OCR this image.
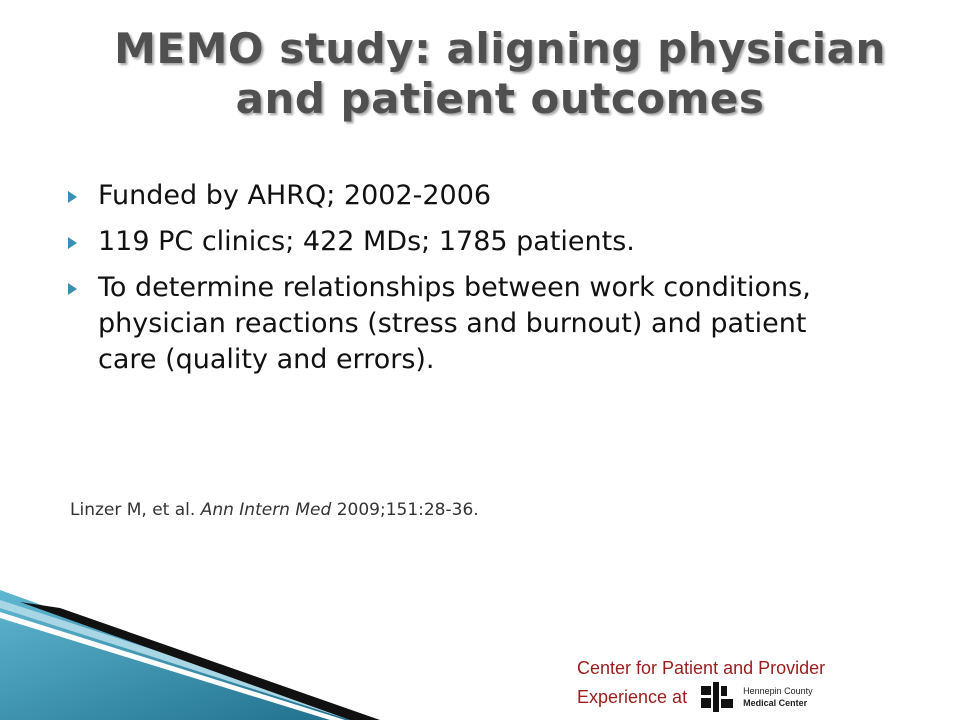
MEMO study: aligning physician
and patient outcomes
Funded by AHRQ; 2002-2006
119 PC clinics; 422 MDs; 1785 patients.
To determine relationships between work conditions, physician reactions (stress and burnout) and patient care (quality and errors).
Linzer M, et al. Ann Intern Med 2009;151:28-36.
Center for Patient and Provider
Experience at	Hennepin County
Medical Center
